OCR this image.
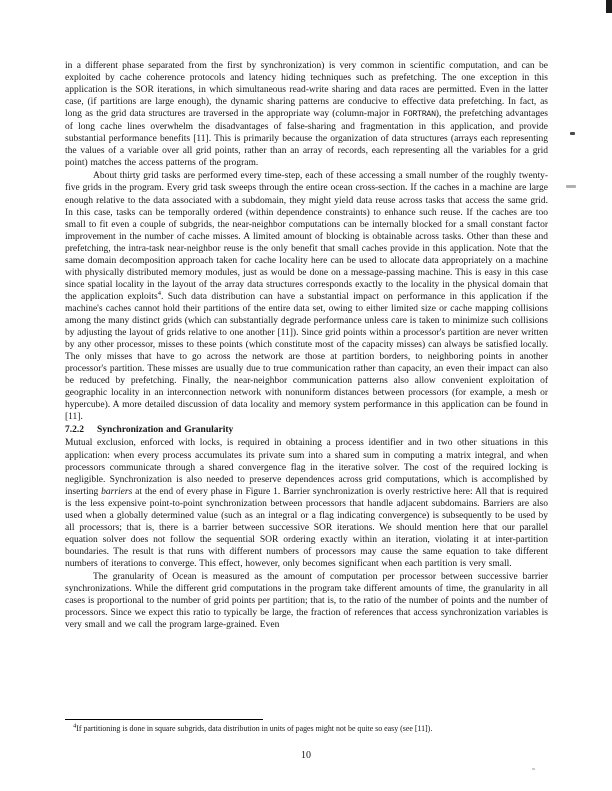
in a different phase separated from the first by synchronization) is very common in scientific computation, and can be exploited by cache coherence protocols and latency hiding techniques such as prefetching. The one exception in this application is the SOR iterations, in which simultaneous read-write sharing and data races are permitted. Even in the latter case, (if partitions are large enough), the dynamic sharing patterns are conducive to effective data prefetching. In fact, as long as the grid data structures are traversed in the appropriate way (column-major in FORTRAN), the prefetching advantages of long cache lines overwhelm the disadvantages of false-sharing and fragmentation in this application, and provide substantial performance benefits [11]. This is primarily because the organization of data structures (arrays each representing the values of a variable over all grid points, rather than an array of records, each representing all the variables for a grid point) matches the access patterns of the program.

About thirty grid tasks are performed every time-step, each of these accessing a small number of the roughly twenty-five grids in the program. Every grid task sweeps through the entire ocean cross-section. If the caches in a machine are large enough relative to the data associated with a subdomain, they might yield data reuse across tasks that access the same grid. In this case, tasks can be temporally ordered (within dependence constraints) to enhance such reuse. If the caches are too small to fit even a couple of subgrids, the near-neighbor computations can be internally blocked for a small constant factor improvement in the number of cache misses. A limited amount of blocking is obtainable across tasks. Other than these and prefetching, the intra-task near-neighbor reuse is the only benefit that small caches provide in this application. Note that the same domain decomposition approach taken for cache locality here can be used to allocate data appropriately on a machine with physically distributed memory modules, just as would be done on a message-passing machine. This is easy in this case since spatial locality in the layout of the array data structures corresponds exactly to the locality in the physical domain that the application exploits$^4$. Such data distribution can have a substantial impact on performance in this application if the machine's caches cannot hold their partitions of the entire data set, owing to either limited size or cache mapping collisions among the many distinct grids (which can substantially degrade performance unless care is taken to minimize such collisions by adjusting the layout of grids relative to one another [11]). Since grid points within a processor's partition are never written by any other processor, misses to these points (which constitute most of the capacity misses) can always be satisfied locally. The only misses that have to go across the network are those at partition borders, to neighboring points in another processor's partition. These misses are usually due to true communication rather than capacity, an even their impact can also be reduced by prefetching. Finally, the near-neighbor communication patterns also allow convenient exploitation of geographic locality in an interconnection network with nonuniform distances between processors (for example, a mesh or hypercube). A more detailed discussion of data locality and memory system performance in this application can be found in [11].

7.2.2 Synchronization and Granularity

Mutual exclusion, enforced with locks, is required in obtaining a process identifier and in two other situations in this application: when every process accumulates its private sum into a shared sum in computing a matrix integral, and when processors communicate through a shared convergence flag in the iterative solver. The cost of the required locking is negligible. Synchronization is also needed to preserve dependences across grid computations, which is accomplished by inserting barriers at the end of every phase in Figure 1. Barrier synchronization is overly restrictive here: All that is required is the less expensive point-to-point synchronization between processors that handle adjacent subdomains. Barriers are also used when a globally determined value (such as an integral or a flag indicating convergence) is subsequently to be used by all processors; that is, there is a barrier between successive SOR iterations. We should mention here that our parallel equation solver does not follow the sequential SOR ordering exactly within an iteration, violating it at inter-partition boundaries. The result is that runs with different numbers of processors may cause the same equation to take different numbers of iterations to converge. This effect, however, only becomes significant when each partition is very small.

The granularity of Ocean is measured as the amount of computation per processor between successive barrier synchronizations. While the different grid computations in the program take different amounts of time, the granularity in all cases is proportional to the number of grid points per partition; that is, to the ratio of the number of points and the number of processors. Since we expect this ratio to typically be large, the fraction of references that access synchronization variables is very small and we call the program large-grained. Even

$^4$If partitioning is done in square subgrids, data distribution in units of pages might not be quite so easy (see [11]).
10
